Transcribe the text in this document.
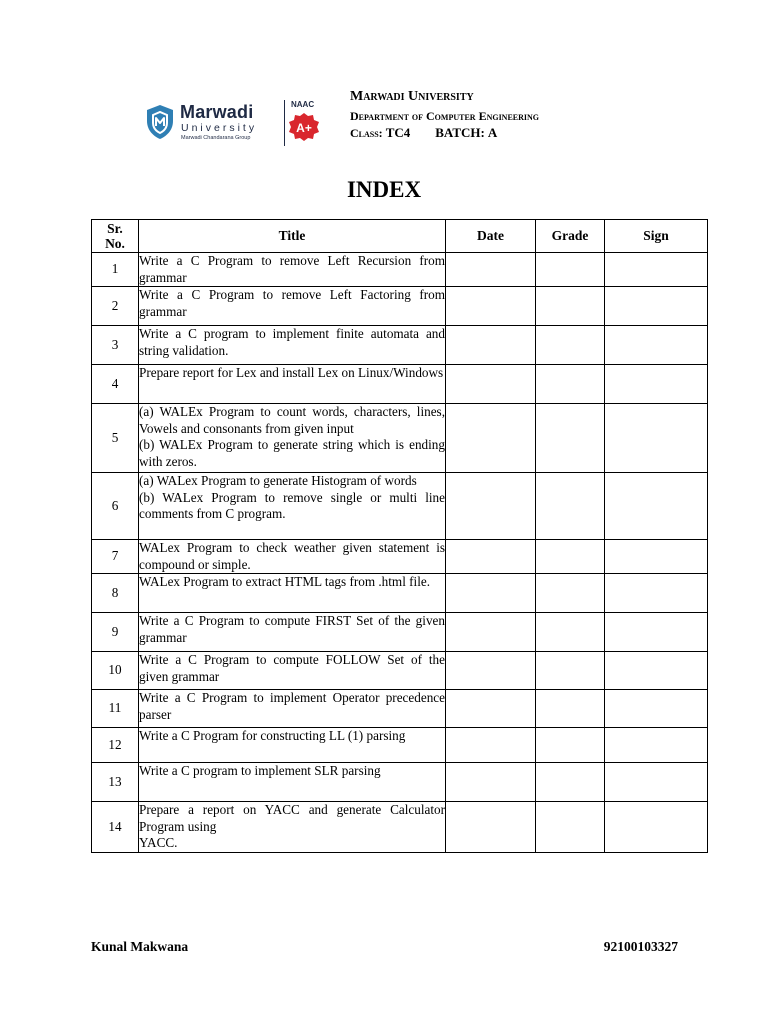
Marwadi
University
Marwadi Chandarana Group
NAAC
A+
Marwadi University
Department of Computer Engineering
Class: TC4 BATCH: A
INDEX
Sr.
No.	Title	Date	Grade	Sign
1	Write a C Program to remove Left Recursion from grammar			
2	Write a C Program to remove Left Factoring from grammar			
3	Write a C program to implement finite automata and string validation.			
4	Prepare report for Lex and install Lex on Linux/Windows			
5	(a) WALEx Program to count words, characters, lines, Vowels and consonants from given input
(b) WALEx Program to generate string which is ending with zeros.			
6	(a) WALex Program to generate Histogram of words
(b) WALex Program to remove single or multi line comments from C program.			
7	WALex Program to check weather given statement is compound or simple.			
8	WALex Program to extract HTML tags from .html file.			
9	Write a C Program to compute FIRST Set of the given grammar			
10	Write a C Program to compute FOLLOW Set of the given grammar			
11	Write a C Program to implement Operator precedence parser			
12	Write a C Program for constructing LL (1) parsing			
13	Write a C program to implement SLR parsing			
14	Prepare a report on YACC and generate Calculator Program using
YACC.			
Kunal Makwana	92100103327
